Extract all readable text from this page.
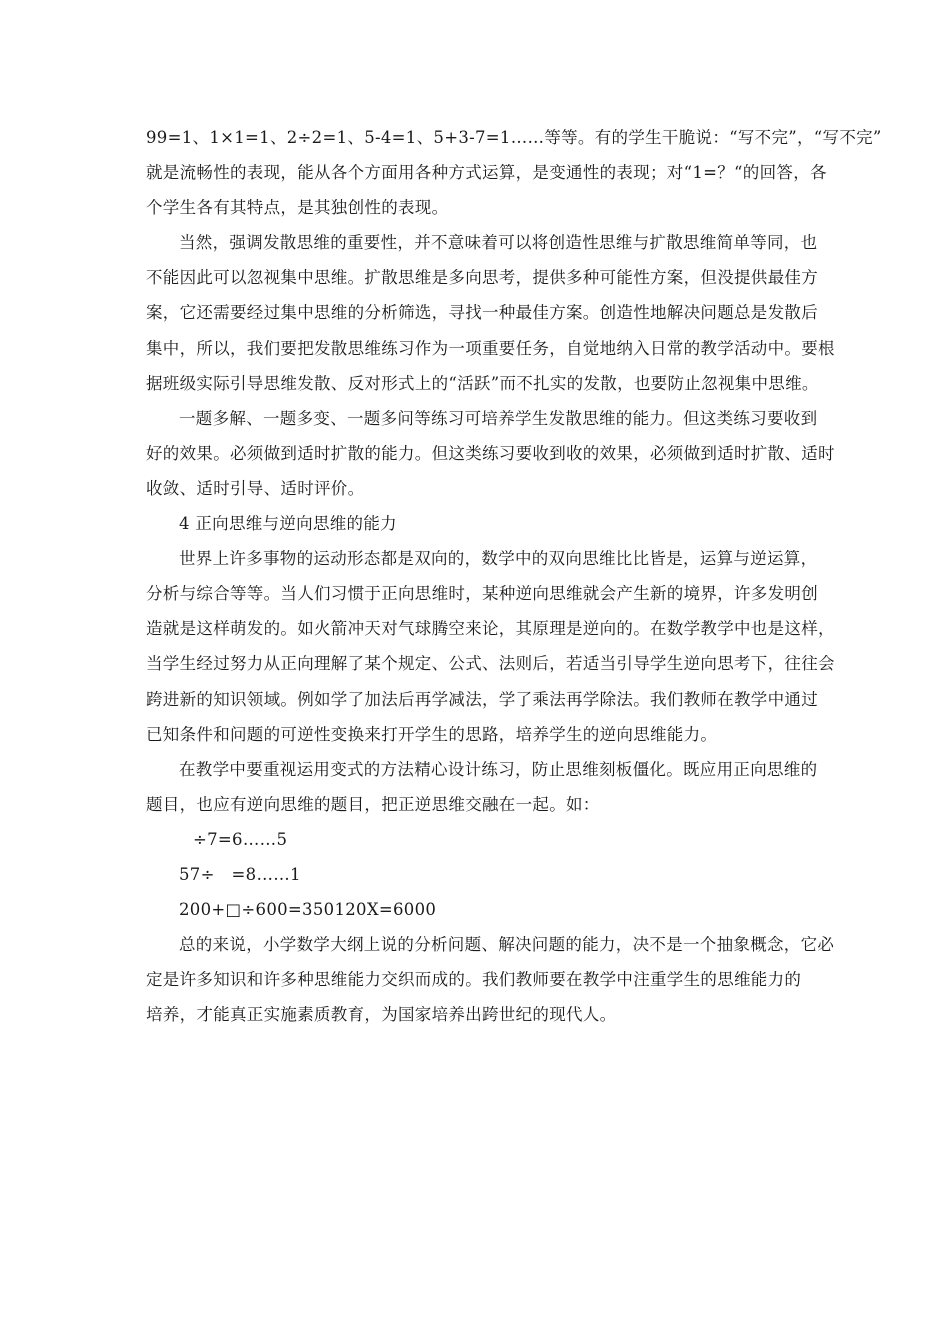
99=1、1×1=1、2÷2=1、5-4=1、5+3-7=1……等等。有的学生干脆说：“写不完”，“写不完”
就是流畅性的表现，能从各个方面用各种方式运算，是变通性的表现；对“1=？“的回答，各
个学生各有其特点，是其独创性的表现。
当然，强调发散思维的重要性，并不意味着可以将创造性思维与扩散思维简单等同，也
不能因此可以忽视集中思维。扩散思维是多向思考，提供多种可能性方案，但没提供最佳方
案，它还需要经过集中思维的分析筛选，寻找一种最佳方案。创造性地解决问题总是发散后
集中，所以，我们要把发散思维练习作为一项重要任务，自觉地纳入日常的教学活动中。要根
据班级实际引导思维发散、反对形式上的“活跃”而不扎实的发散，也要防止忽视集中思维。
一题多解、一题多变、一题多问等练习可培养学生发散思维的能力。但这类练习要收到
好的效果。必须做到适时扩散的能力。但这类练习要收到收的效果，必须做到适时扩散、适时
收敛、适时引导、适时评价。
4 正向思维与逆向思维的能力
世界上许多事物的运动形态都是双向的，数学中的双向思维比比皆是，运算与逆运算，
分析与综合等等。当人们习惯于正向思维时，某种逆向思维就会产生新的境界，许多发明创
造就是这样萌发的。如火箭冲天对气球腾空来论，其原理是逆向的。在数学教学中也是这样，
当学生经过努力从正向理解了某个规定、公式、法则后，若适当引导学生逆向思考下，往往会
跨进新的知识领域。例如学了加法后再学减法，学了乘法再学除法。我们教师在教学中通过
已知条件和问题的可逆性变换来打开学生的思路，培养学生的逆向思维能力。
在教学中要重视运用变式的方法精心设计练习，防止思维刻板僵化。既应用正向思维的
题目，也应有逆向思维的题目，把正逆思维交融在一起。如：
÷7=6……5
57÷　=8……1
200+□÷600=350120X=6000
总的来说，小学数学大纲上说的分析问题、解决问题的能力，决不是一个抽象概念，它必
定是许多知识和许多种思维能力交织而成的。我们教师要在教学中注重学生的思维能力的
培养，才能真正实施素质教育，为国家培养出跨世纪的现代人。
